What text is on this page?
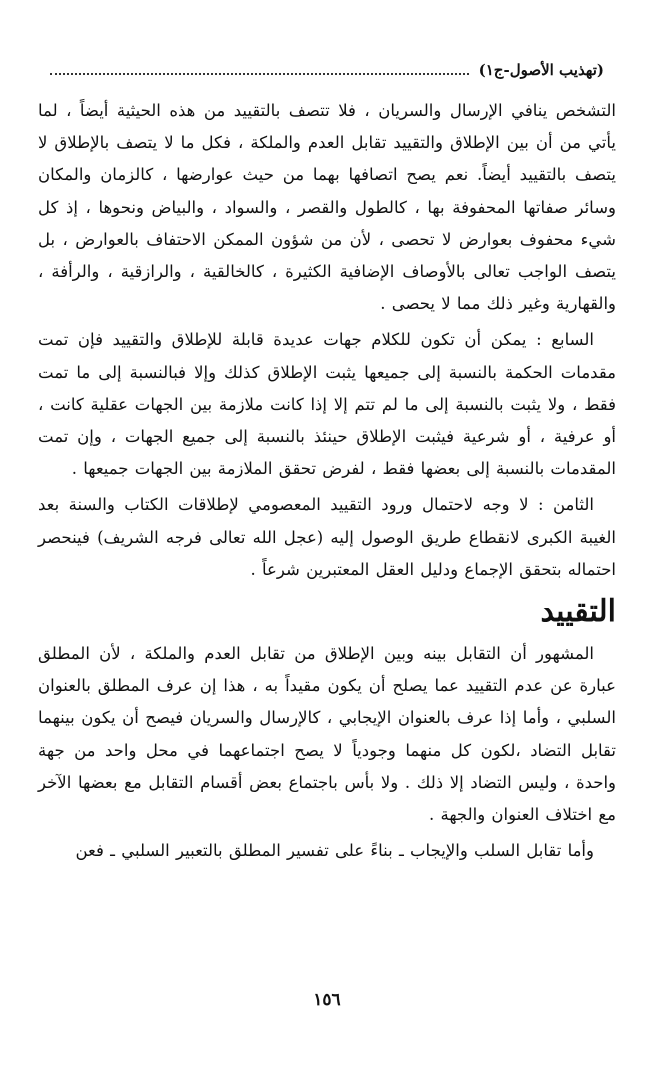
(تهذيب الأصول-ج١)

التشخص ينافي الإرسال والسريان ، فلا تتصف بالتقييد من هذه الحيثية أيضاً ، لما يأتي من أن بين الإطلاق والتقييد تقابل العدم والملكة ، فكل ما لا يتصف بالإطلاق لا يتصف بالتقييد أيضاً. نعم يصح اتصافها بهما من حيث عوارضها ، كالزمان والمكان وسائر صفاتها المحفوفة بها ، كالطول والقصر ، والسواد ، والبياض ونحوها ، إذ كل شيء محفوف بعوارض لا تحصى ، لأن من شؤون الممكن الاحتفاف بالعوارض ، بل يتصف الواجب تعالى بالأوصاف الإضافية الكثيرة ، كالخالقية ، والرازقية ، والرأفة ، والقهارية وغير ذلك مما لا يحصى .

السابع : يمكن أن تكون للكلام جهات عديدة قابلة للإطلاق والتقييد فإن تمت مقدمات الحكمة بالنسبة إلى جميعها يثبت الإطلاق كذلك وإلا فبالنسبة إلى ما تمت فقط ، ولا يثبت بالنسبة إلى ما لم تتم إلا إذا كانت ملازمة بين الجهات عقلية كانت ، أو عرفية ، أو شرعية فيثبت الإطلاق حينئذ بالنسبة إلى جميع الجهات ، وإن تمت المقدمات بالنسبة إلى بعضها فقط ، لفرض تحقق الملازمة بين الجهات جميعها .

الثامن : لا وجه لاحتمال ورود التقييد المعصومي لإطلاقات الكتاب والسنة بعد الغيبة الكبرى لانقطاع طريق الوصول إليه (عجل الله تعالى فرجه الشريف) فينحصر احتماله بتحقق الإجماع ودليل العقل المعتبرين شرعاً .

التقييد

المشهور أن التقابل بينه وبين الإطلاق من تقابل العدم والملكة ، لأن المطلق عبارة عن عدم التقييد عما يصلح أن يكون مقيداً به ، هذا إن عرف المطلق بالعنوان السلبي ، وأما إذا عرف بالعنوان الإيجابي ، كالإرسال والسريان فيصح أن يكون بينهما تقابل التضاد ،لكون كل منهما وجودياً لا يصح اجتماعهما في محل واحد من جهة واحدة ، وليس التضاد إلا ذلك . ولا بأس باجتماع بعض أقسام التقابل مع بعضها الآخر مع اختلاف العنوان والجهة .

وأما تقابل السلب والإيجاب ـ بناءً على تفسير المطلق بالتعبير السلبي ـ فعن

١٥٦
